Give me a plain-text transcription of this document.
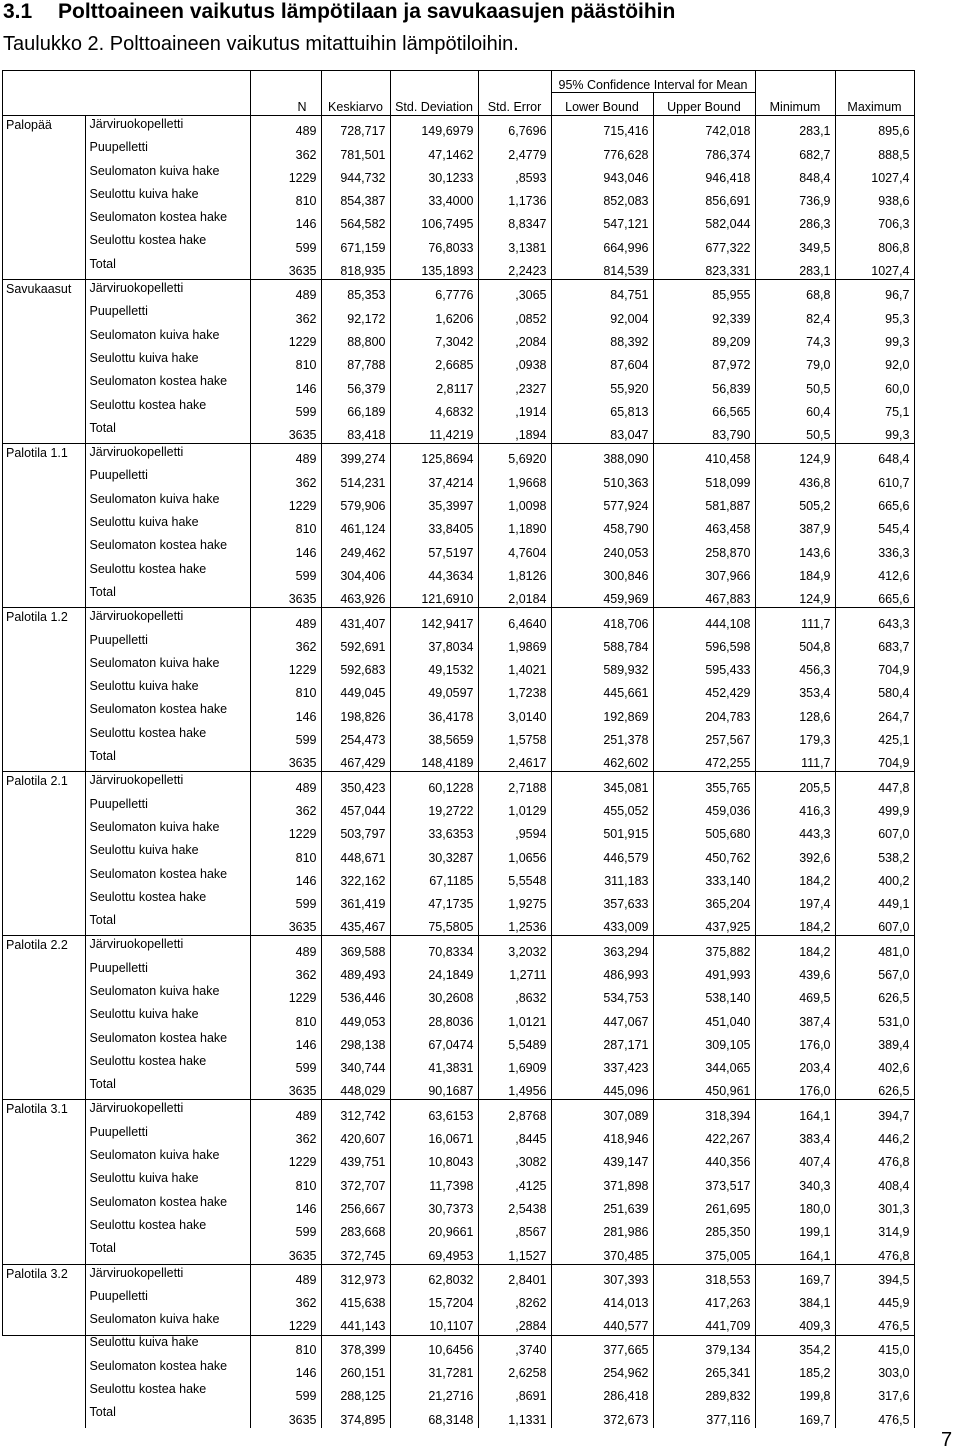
3.1 Polttoaineen vaikutus lämpötilaan ja savukaasujen päästöihin

Taulukko 2. Polttoaineen vaikutus mitattuihin lämpötiloihin.

						95% Confidence Interval for Mean			
		N	Keskiarvo	Std. Deviation	Std. Error	Lower Bound	Upper Bound	Minimum	Maximum
Palopää	Järviruokopelletti	489	728,717	149,6979	6,7696	715,416	742,018	283,1	895,6
	Puupelletti	362	781,501	47,1462	2,4779	776,628	786,374	682,7	888,5
	Seulomaton kuiva hake	1229	944,732	30,1233	,8593	943,046	946,418	848,4	1027,4
	Seulottu kuiva hake	810	854,387	33,4000	1,1736	852,083	856,691	736,9	938,6
	Seulomaton kostea hake	146	564,582	106,7495	8,8347	547,121	582,044	286,3	706,3
	Seulottu kostea hake	599	671,159	76,8033	3,1381	664,996	677,322	349,5	806,8
	Total	3635	818,935	135,1893	2,2423	814,539	823,331	283,1	1027,4
Savukaasut	Järviruokopelletti	489	85,353	6,7776	,3065	84,751	85,955	68,8	96,7
	Puupelletti	362	92,172	1,6206	,0852	92,004	92,339	82,4	95,3
	Seulomaton kuiva hake	1229	88,800	7,3042	,2084	88,392	89,209	74,3	99,3
	Seulottu kuiva hake	810	87,788	2,6685	,0938	87,604	87,972	79,0	92,0
	Seulomaton kostea hake	146	56,379	2,8117	,2327	55,920	56,839	50,5	60,0
	Seulottu kostea hake	599	66,189	4,6832	,1914	65,813	66,565	60,4	75,1
	Total	3635	83,418	11,4219	,1894	83,047	83,790	50,5	99,3
Palotila 1.1	Järviruokopelletti	489	399,274	125,8694	5,6920	388,090	410,458	124,9	648,4
	Puupelletti	362	514,231	37,4214	1,9668	510,363	518,099	436,8	610,7
	Seulomaton kuiva hake	1229	579,906	35,3997	1,0098	577,924	581,887	505,2	665,6
	Seulottu kuiva hake	810	461,124	33,8405	1,1890	458,790	463,458	387,9	545,4
	Seulomaton kostea hake	146	249,462	57,5197	4,7604	240,053	258,870	143,6	336,3
	Seulottu kostea hake	599	304,406	44,3634	1,8126	300,846	307,966	184,9	412,6
	Total	3635	463,926	121,6910	2,0184	459,969	467,883	124,9	665,6
Palotila 1.2	Järviruokopelletti	489	431,407	142,9417	6,4640	418,706	444,108	111,7	643,3
	Puupelletti	362	592,691	37,8034	1,9869	588,784	596,598	504,8	683,7
	Seulomaton kuiva hake	1229	592,683	49,1532	1,4021	589,932	595,433	456,3	704,9
	Seulottu kuiva hake	810	449,045	49,0597	1,7238	445,661	452,429	353,4	580,4
	Seulomaton kostea hake	146	198,826	36,4178	3,0140	192,869	204,783	128,6	264,7
	Seulottu kostea hake	599	254,473	38,5659	1,5758	251,378	257,567	179,3	425,1
	Total	3635	467,429	148,4189	2,4617	462,602	472,255	111,7	704,9
Palotila 2.1	Järviruokopelletti	489	350,423	60,1228	2,7188	345,081	355,765	205,5	447,8
	Puupelletti	362	457,044	19,2722	1,0129	455,052	459,036	416,3	499,9
	Seulomaton kuiva hake	1229	503,797	33,6353	,9594	501,915	505,680	443,3	607,0
	Seulottu kuiva hake	810	448,671	30,3287	1,0656	446,579	450,762	392,6	538,2
	Seulomaton kostea hake	146	322,162	67,1185	5,5548	311,183	333,140	184,2	400,2
	Seulottu kostea hake	599	361,419	47,1735	1,9275	357,633	365,204	197,4	449,1
	Total	3635	435,467	75,5805	1,2536	433,009	437,925	184,2	607,0
Palotila 2.2	Järviruokopelletti	489	369,588	70,8334	3,2032	363,294	375,882	184,2	481,0
	Puupelletti	362	489,493	24,1849	1,2711	486,993	491,993	439,6	567,0
	Seulomaton kuiva hake	1229	536,446	30,2608	,8632	534,753	538,140	469,5	626,5
	Seulottu kuiva hake	810	449,053	28,8036	1,0121	447,067	451,040	387,4	531,0
	Seulomaton kostea hake	146	298,138	67,0474	5,5489	287,171	309,105	176,0	389,4
	Seulottu kostea hake	599	340,744	41,3831	1,6909	337,423	344,065	203,4	402,6
	Total	3635	448,029	90,1687	1,4956	445,096	450,961	176,0	626,5
Palotila 3.1	Järviruokopelletti	489	312,742	63,6153	2,8768	307,089	318,394	164,1	394,7
	Puupelletti	362	420,607	16,0671	,8445	418,946	422,267	383,4	446,2
	Seulomaton kuiva hake	1229	439,751	10,8043	,3082	439,147	440,356	407,4	476,8
	Seulottu kuiva hake	810	372,707	11,7398	,4125	371,898	373,517	340,3	408,4
	Seulomaton kostea hake	146	256,667	30,7373	2,5438	251,639	261,695	180,0	301,3
	Seulottu kostea hake	599	283,668	20,9661	,8567	281,986	285,350	199,1	314,9
	Total	3635	372,745	69,4953	1,1527	370,485	375,005	164,1	476,8
Palotila 3.2	Järviruokopelletti	489	312,973	62,8032	2,8401	307,393	318,553	169,7	394,5
	Puupelletti	362	415,638	15,7204	,8262	414,013	417,263	384,1	445,9
	Seulomaton kuiva hake	1229	441,143	10,1107	,2884	440,577	441,709	409,3	476,5
	Seulottu kuiva hake	810	378,399	10,6456	,3740	377,665	379,134	354,2	415,0
	Seulomaton kostea hake	146	260,151	31,7281	2,6258	254,962	265,341	185,2	303,0
	Seulottu kostea hake	599	288,125	21,2716	,8691	286,418	289,832	199,8	317,6
	Total	3635	374,895	68,3148	1,1331	372,673	377,116	169,7	476,5
7
